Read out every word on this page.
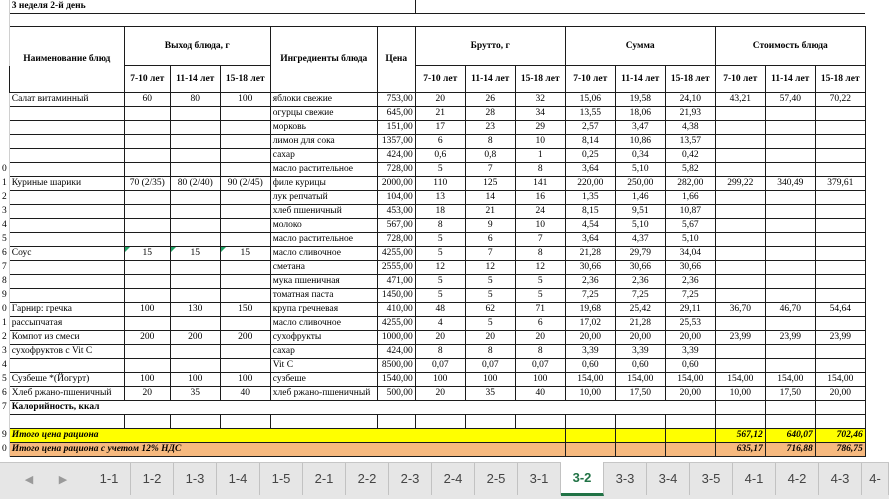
	3 неделя 2-й день														

	Наименование блюд	Выход блюда, г			Ингредиенты блюда	Цена	Брутто, г			Сумма			Стоимость блюда		
		7-10 лет	11-14 лет	15-18 лет			7-10 лет	11-14 лет	15-18 лет	7-10 лет	11-14 лет	15-18 лет	7-10 лет	11-14 лет	15-18 лет
	Салат витаминный	60	80	100	яблоки свежие	753,00	20	26	32	15,06	19,58	24,10	43,21	57,40	70,22
					огурцы свежие	645,00	21	28	34	13,55	18,06	21,93			
					морковь	151,00	17	23	29	2,57	3,47	4,38			
					лимон для сока	1357,00	6	8	10	8,14	10,86	13,57			
					сахар	424,00	0,6	0,8	1	0,25	0,34	0,42			
0					масло растительное	728,00	5	7	8	3,64	5,10	5,82			
1	Куриные шарики	70 (2/35)	80 (2/40)	90 (2/45)	филе курицы	2000,00	110	125	141	220,00	250,00	282,00	299,22	340,49	379,61
2					лук репчатый	104,00	13	14	16	1,35	1,46	1,66			
3					хлеб пшеничный	453,00	18	21	24	8,15	9,51	10,87			
4					молоко	567,00	8	9	10	4,54	5,10	5,67			
5					масло растительное	728,00	5	6	7	3,64	4,37	5,10			
6	Соус	15	15	15	масло сливочное	4255,00	5	7	8	21,28	29,79	34,04			
7					сметана	2555,00	12	12	12	30,66	30,66	30,66			
8					мука пшеничная	471,00	5	5	5	2,36	2,36	2,36			
9					томатная паста	1450,00	5	5	5	7,25	7,25	7,25			
0	Гарнир: гречка	100	130	150	крупа гречневая	410,00	48	62	71	19,68	25,42	29,11	36,70	46,70	54,64
1	рассыпчатая				масло сливочное	4255,00	4	5	6	17,02	21,28	25,53			
2	Компот из смеси	200	200	200	сухофрукты	1000,00	20	20	20	20,00	20,00	20,00	23,99	23,99	23,99
3	сухофруктов с Vit C				сахар	424,00	8	8	8	3,39	3,39	3,39			
4					Vit C	8500,00	0,07	0,07	0,07	0,60	0,60	0,60			
5	Сузбеше *(Йогурт)	100	100	100	сузбеше	1540,00	100	100	100	154,00	154,00	154,00	154,00	154,00	154,00
6	Хлеб ржано-пшеничный	20	35	40	хлеб ржано-пшеничный	500,00	20	35	40	10,00	17,50	20,00	10,00	17,50	20,00
7	Калорийность, ккал														

9	Итого цена рациона												567,12	640,07	702,46
0	Итого цена рациона с учетом 12% НДС												635,17	716,88	786,75
◀ ▶	1-1	1-2	1-3	1-4	1-5	2-1	2-2	2-3	2-4	2-5	3-1	3-2	3-3	3-4	3-5	4-1	4-2	4-3	4-
